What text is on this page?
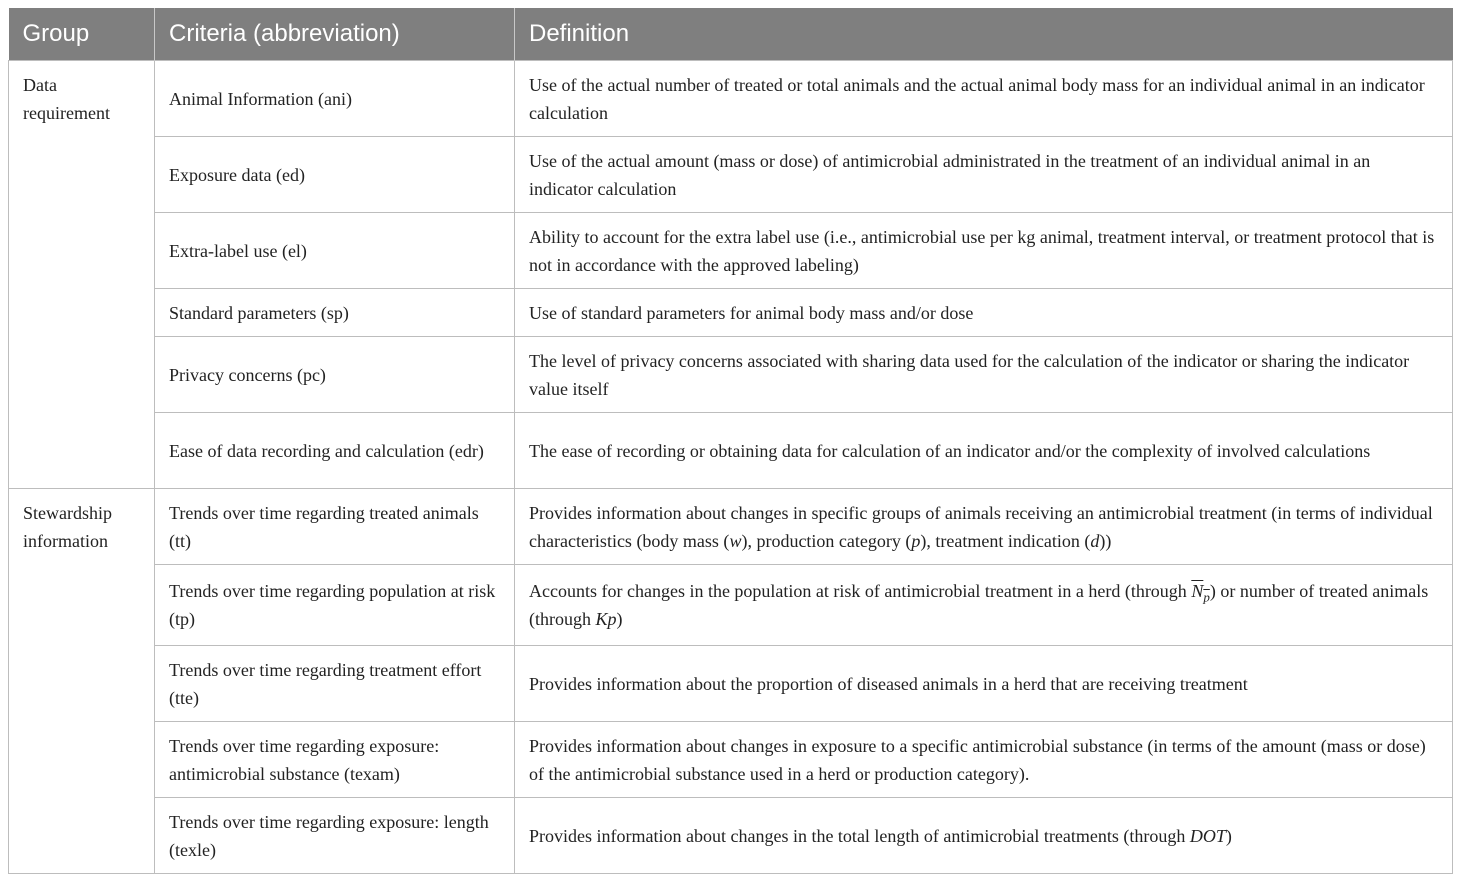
Group	Criteria (abbreviation)	Definition
Data requirement	Animal Information (ani)	Use of the actual number of treated or total animals and the actual animal body mass for an individual animal in an indicator calculation
	Exposure data (ed)	Use of the actual amount (mass or dose) of antimicrobial administrated in the treatment of an individual animal in an indicator calculation
	Extra-label use (el)	Ability to account for the extra label use (i.e., antimicrobial use per kg animal, treatment interval, or treatment protocol that is not in accordance with the approved labeling)
	Standard parameters (sp)	Use of standard parameters for animal body mass and/or dose
	Privacy concerns (pc)	The level of privacy concerns associated with sharing data used for the calculation of the indicator or sharing the indicator value itself
	Ease of data recording and calculation (edr)	The ease of recording or obtaining data for calculation of an indicator and/or the complexity of involved calculations
Stewardship information	Trends over time regarding treated animals (tt)	Provides information about changes in specific groups of animals receiving an antimicrobial treatment (in terms of individual characteristics (body mass (w), production category (p), treatment indication (d))
	Trends over time regarding population at risk (tp)	Accounts for changes in the population at risk of antimicrobial treatment in a herd (through $N_p$) or number of treated animals (through Kp)
	Trends over time regarding treatment effort (tte)	Provides information about the proportion of diseased animals in a herd that are receiving treatment
	Trends over time regarding exposure: antimicrobial substance (texam)	Provides information about changes in exposure to a specific antimicrobial substance (in terms of the amount (mass or dose) of the antimicrobial substance used in a herd or production category).
	Trends over time regarding exposure: length (texle)	Provides information about changes in the total length of antimicrobial treatments (through DOT)
